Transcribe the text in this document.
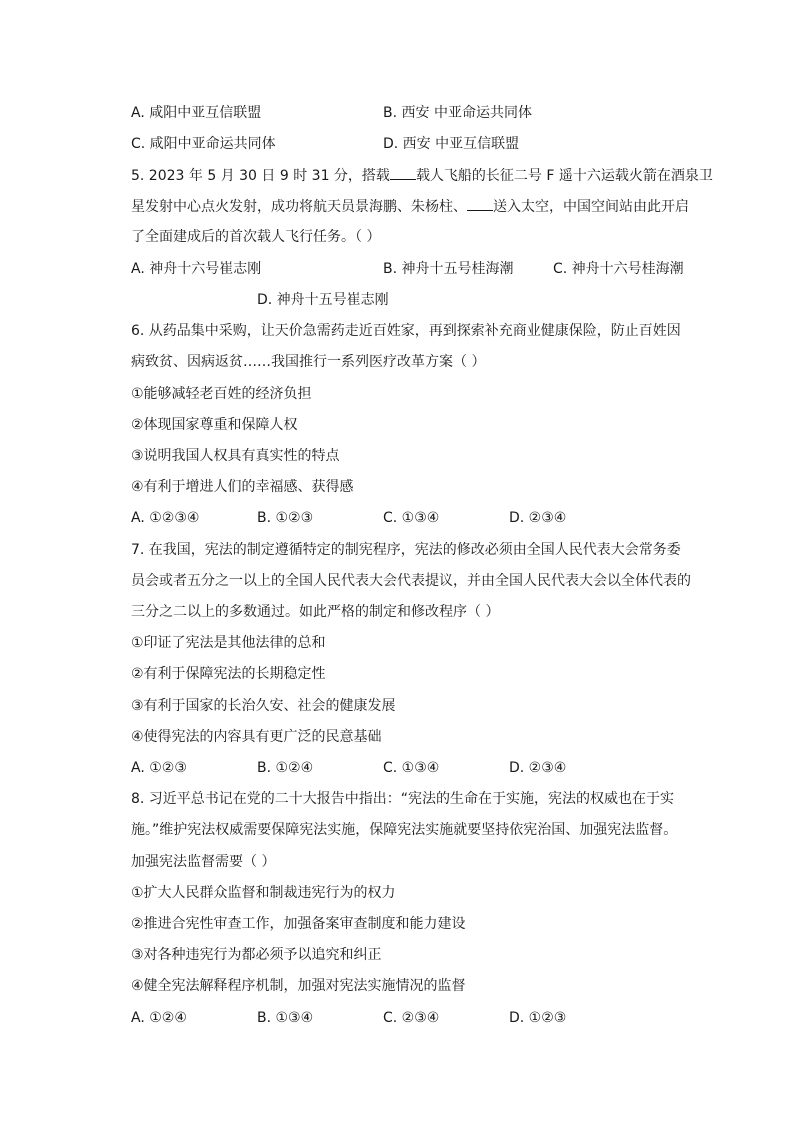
A. 咸阳中亚互信联盟	B. 西安 中亚命运共同体
C. 咸阳中亚命运共同体	D. 西安 中亚互信联盟
5. 2023 年 5 月 30 日 9 时 31 分，搭载 载人飞船的长征二号 F 遥十六运载火箭在酒泉卫
星发射中心点火发射，成功将航天员景海鹏、朱杨柱、 送入太空，中国空间站由此开启
了全面建成后的首次载人飞行任务。（ ）
A. 神舟十六号崔志刚	B. 神舟十五号桂海潮	C. 神舟十六号桂海潮
D. 神舟十五号崔志刚
6. 从药品集中采购，让天价急需药走近百姓家，再到探索补充商业健康保险，防止百姓因
病致贫、因病返贫……我国推行一系列医疗改革方案（ ）
①能够减轻老百姓的经济负担
②体现国家尊重和保障人权
③说明我国人权具有真实性的特点
④有利于增进人们的幸福感、获得感
A. ①②③④	B. ①②③	C. ①③④	D. ②③④
7. 在我国，宪法的制定遵循特定的制宪程序，宪法的修改必须由全国人民代表大会常务委
员会或者五分之一以上的全国人民代表大会代表提议，并由全国人民代表大会以全体代表的
三分之二以上的多数通过。如此严格的制定和修改程序（ ）
①印证了宪法是其他法律的总和
②有利于保障宪法的长期稳定性
③有利于国家的长治久安、社会的健康发展
④使得宪法的内容具有更广泛的民意基础
A. ①②③	B. ①②④	C. ①③④	D. ②③④
8. 习近平总书记在党的二十大报告中指出：“宪法的生命在于实施，宪法的权威也在于实
施。”维护宪法权威需要保障宪法实施，保障宪法实施就要坚持依宪治国、加强宪法监督。
加强宪法监督需要（ ）
①扩大人民群众监督和制裁违宪行为的权力
②推进合宪性审查工作，加强备案审查制度和能力建设
③对各种违宪行为都必须予以追究和纠正
④健全宪法解释程序机制，加强对宪法实施情况的监督
A. ①②④	B. ①③④	C. ②③④	D. ①②③
